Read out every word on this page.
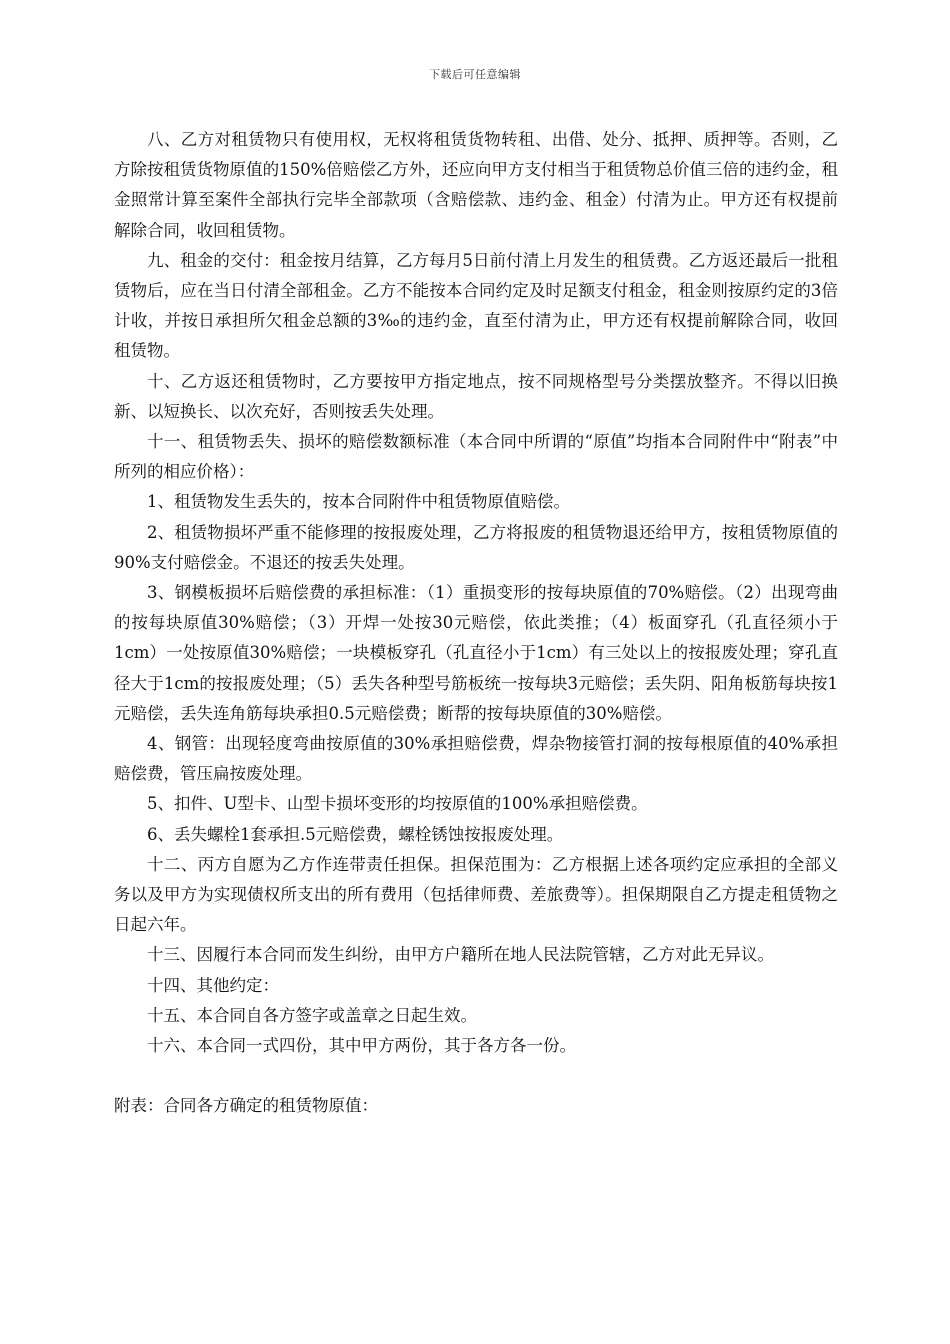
下载后可任意编辑

八、乙方对租赁物只有使用权，无权将租赁货物转租、出借、处分、抵押、质押等。否则，乙方除按租赁货物原值的150%倍赔偿乙方外，还应向甲方支付相当于租赁物总价值三倍的违约金，租金照常计算至案件全部执行完毕全部款项（含赔偿款、违约金、租金）付清为止。甲方还有权提前解除合同，收回租赁物。

九、租金的交付：租金按月结算，乙方每月5日前付清上月发生的租赁费。乙方返还最后一批租赁物后，应在当日付清全部租金。乙方不能按本合同约定及时足额支付租金，租金则按原约定的3倍计收，并按日承担所欠租金总额的3‰的违约金，直至付清为止，甲方还有权提前解除合同，收回租赁物。

十、乙方返还租赁物时，乙方要按甲方指定地点，按不同规格型号分类摆放整齐。不得以旧换新、以短换长、以次充好，否则按丢失处理。

十一、租赁物丢失、损坏的赔偿数额标准（本合同中所谓的“原值”均指本合同附件中“附表”中所列的相应价格）：

1、租赁物发生丢失的，按本合同附件中租赁物原值赔偿。

2、租赁物损坏严重不能修理的按报废处理，乙方将报废的租赁物退还给甲方，按租赁物原值的90%支付赔偿金。不退还的按丢失处理。

3、钢模板损坏后赔偿费的承担标准：（1）重损变形的按每块原值的70%赔偿。（2）出现弯曲的按每块原值30%赔偿；（3）开焊一处按30元赔偿，依此类推；（4）板面穿孔（孔直径须小于1cm）一处按原值30%赔偿；一块模板穿孔（孔直径小于1cm）有三处以上的按报废处理；穿孔直径大于1cm的按报废处理；（5）丢失各种型号筋板统一按每块3元赔偿；丢失阴、阳角板筋每块按1元赔偿，丢失连角筋每块承担0.5元赔偿费；断帮的按每块原值的30%赔偿。

4、钢管：出现轻度弯曲按原值的30%承担赔偿费，焊杂物接管打洞的按每根原值的40%承担赔偿费，管压扁按废处理。

5、扣件、U型卡、山型卡损坏变形的均按原值的100%承担赔偿费。

6、丢失螺栓1套承担.5元赔偿费，螺栓锈蚀按报废处理。

十二、丙方自愿为乙方作连带责任担保。担保范围为：乙方根据上述各项约定应承担的全部义务以及甲方为实现债权所支出的所有费用（包括律师费、差旅费等）。担保期限自乙方提走租赁物之日起六年。

十三、因履行本合同而发生纠纷，由甲方户籍所在地人民法院管辖，乙方对此无异议。

十四、其他约定：

十五、本合同自各方签字或盖章之日起生效。

十六、本合同一式四份，其中甲方两份，其于各方各一份。

附表：合同各方确定的租赁物原值：
